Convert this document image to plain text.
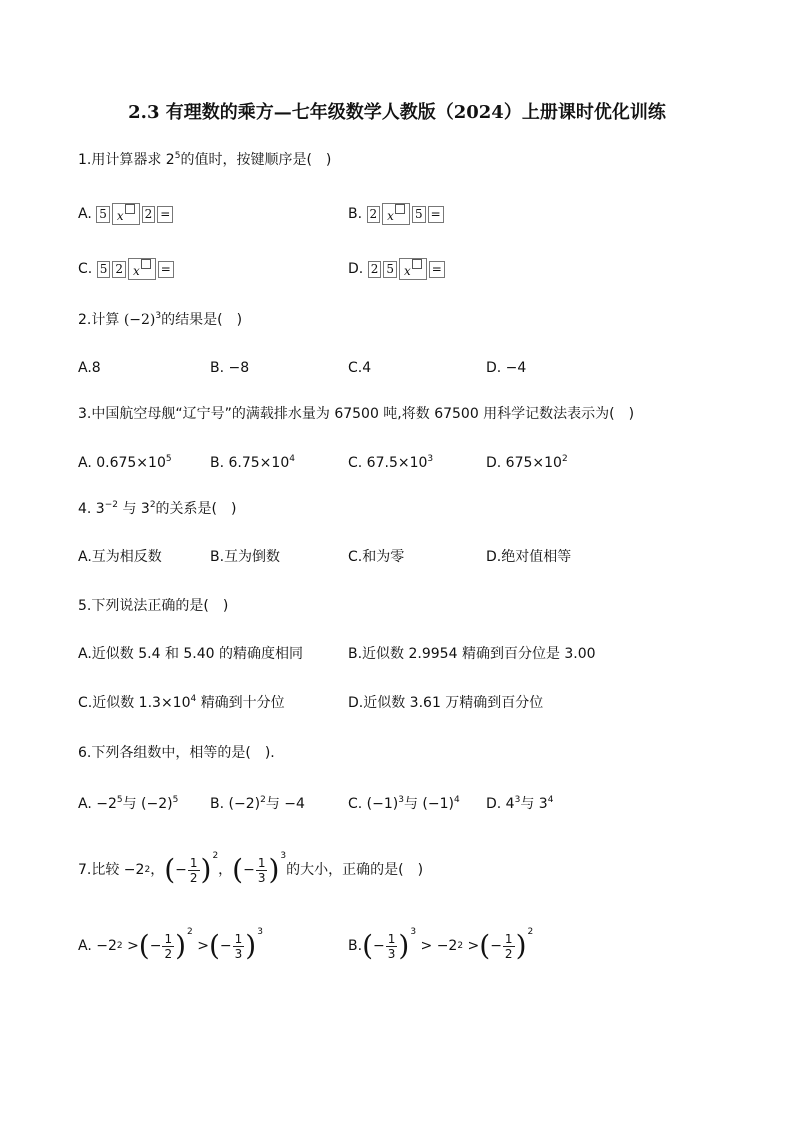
2.3 有理数的乘方—七年级数学人教版（2024）上册课时优化训练
1.用计算器求 $2^5$的值时，按键顺序是(　)
A. 5 x 2 =	B. 2 x 5 =
C. 5 2 x =	D. 2 5 x =
2.计算 $(-2)^3$的结果是(　)
A.8	B. −8	C.4	D. −4
3.中国航空母舰“辽宁号”的满载排水量为 67500 吨,将数 67500 用科学记数法表示为(　)
A. $0.675\times 10^5$	B. $6.75\times 10^4$	C. $67.5\times 10^3$	D. $675\times 10^2$
4. $3^{-2}$ 与 $3^2$的关系是(　)
A.互为相反数	B.互为倒数	C.和为零	D.绝对值相等
5.下列说法正确的是(　)
A.近似数 5.4 和 5.40 的精确度相同	B.近似数 2.9954 精确到百分位是 3.00
C.近似数 $1.3\times 10^4$ 精确到十分位	D.近似数 3.61 万精确到百分位
6.下列各组数中，相等的是(　).
A. $-2^5$与 $(-2)^5$ B. $(-2)^2$与 −4	C. $(-1)^3$与 $(-1)^4$ D. $4^3$与 $3^4$
7.比较 −2 2 ， ( − $\frac{1}{2}$ ) 2
， ( − $\frac{1}{3}$ ) 3
的大小，正确的是(　)
A.
−2 2
> ( − $\frac{1}{2}$ ) 2

> ( − $\frac{1}{3}$ ) 3
B. ( − $\frac{1}{3}$ ) 3

>
−2 2
> ( − $\frac{1}{2}$ ) 2
